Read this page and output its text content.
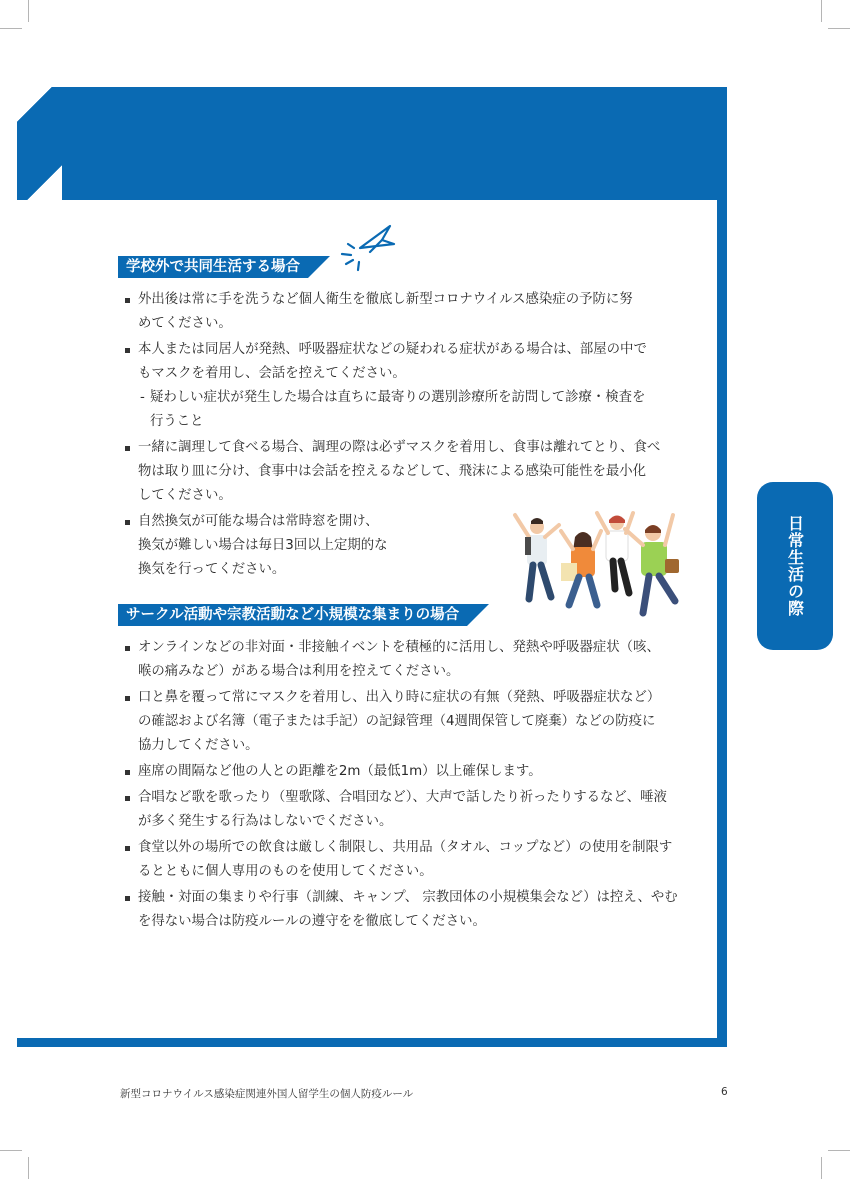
日常生活の際
学校外で共同生活する場合
外出後は常に手を洗うなど個人衛生を徹底し新型コロナウイルス感染症の予防に努
めてください。
本人または同居人が発熱、呼吸器症状などの疑われる症状がある場合は、部屋の中で
もマスクを着用し、会話を控えてください。
- 疑わしい症状が発生した場合は直ちに最寄りの選別診療所を訪問して診療・検査を
行うこと
一緒に調理して食べる場合、調理の際は必ずマスクを着用し、食事は離れてとり、食べ
物は取り皿に分け、食事中は会話を控えるなどして、飛沫による感染可能性を最小化
してください。
自然換気が可能な場合は常時窓を開け、
換気が難しい場合は毎日3回以上定期的な
換気を行ってください。
サークル活動や宗教活動など小規模な集まりの場合
オンラインなどの非対面・非接触イベントを積極的に活用し、発熱や呼吸器症状（咳、
喉の痛みなど）がある場合は利用を控えてください。
口と鼻を覆って常にマスクを着用し、出入り時に症状の有無（発熱、呼吸器症状など）
の確認および名簿（電子または手記）の記録管理（4週間保管して廃棄）などの防疫に
協力してください。
座席の間隔など他の人との距離を2m（最低1m）以上確保します。
合唱など歌を歌ったり（聖歌隊、合唱団など）、大声で話したり祈ったりするなど、唾液
が多く発生する行為はしないでください。
食堂以外の場所での飲食は厳しく制限し、共用品（タオル、コップなど）の使用を制限す
るとともに個人専用のものを使用してください。
接触・対面の集まりや行事（訓練、キャンプ、 宗教団体の小規模集会など）は控え、やむ
を得ない場合は防疫ルールの遵守をを徹底してください。
新型コロナウイルス感染症関連外国人留学生の個人防疫ルール	6
